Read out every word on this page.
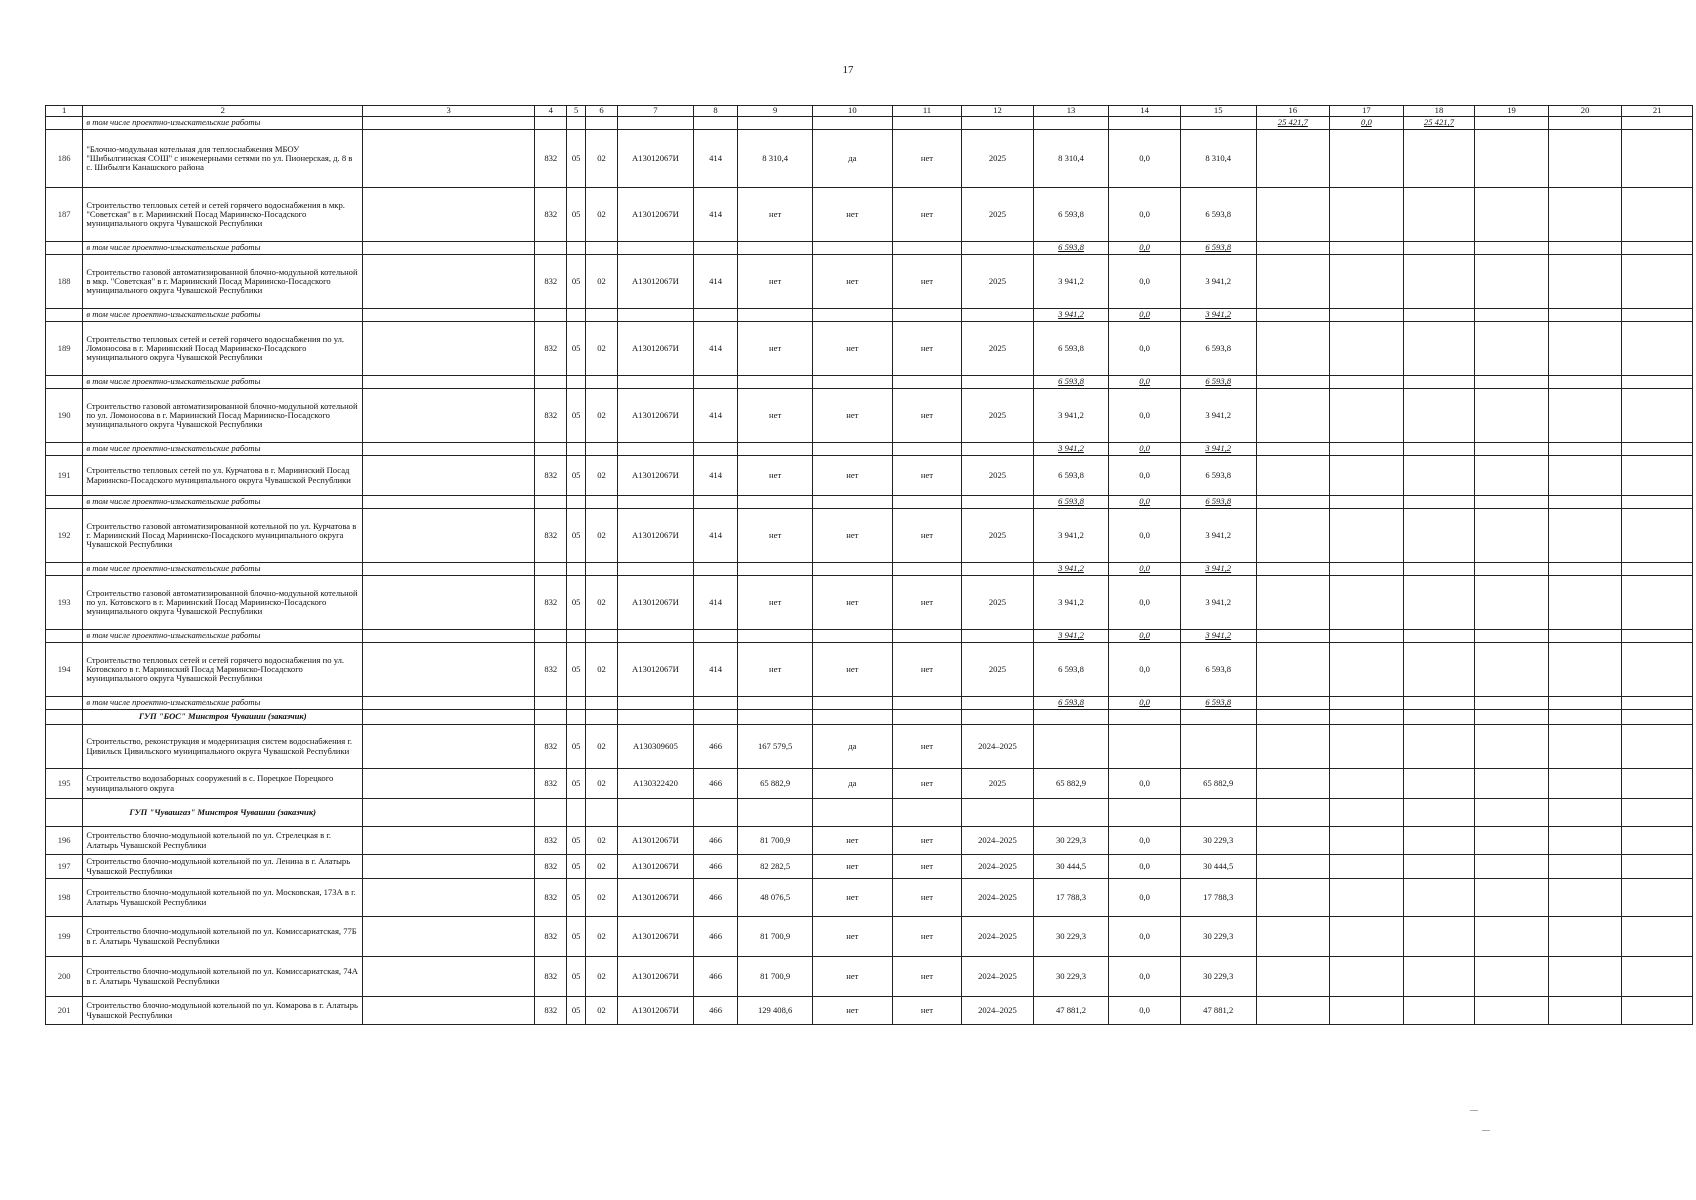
17
1	2	3	4	5	6	7	8	9	10	11	12	13	14	15	16	17	18	19	20	21
	в том числе проектно-изыскательские работы														25 421,7	0,0	25 421,7			
186	"Блочно-модульная котельная для теплоснабжения МБОУ "Шибылгинская СОШ" с инженерными сетями по ул. Пионерская, д. 8 в с. Шибылги Канашского района		832	05	02	А13012067И	414	8 310,4	да	нет	2025	8 310,4	0,0	8 310,4						
187	Строительство тепловых сетей и сетей горячего водоснабжения в мкр. "Советская" в г. Мариинский Посад Мариинско-Посадского муниципального округа Чувашской Республики		832	05	02	А13012067И	414	нет	нет	нет	2025	6 593,8	0,0	6 593,8						
	в том числе проектно-изыскательские работы											6 593,8	0,0	6 593,8						
188	Строительство газовой автоматизированной блочно-модульной котельной в мкр. "Советская" в г. Мариинский Посад Мариинско-Посадского муниципального округа Чувашской Республики		832	05	02	А13012067И	414	нет	нет	нет	2025	3 941,2	0,0	3 941,2						
	в том числе проектно-изыскательские работы											3 941,2	0,0	3 941,2						
189	Строительство тепловых сетей и сетей горячего водоснабжения по ул. Ломоносова в г. Мариинский Посад Мариинско-Посадского муниципального округа Чувашской Республики		832	05	02	А13012067И	414	нет	нет	нет	2025	6 593,8	0,0	6 593,8						
	в том числе проектно-изыскательские работы											6 593,8	0,0	6 593,8						
190	Строительство газовой автоматизированной блочно-модульной котельной по ул. Ломоносова в г. Мариинский Посад Мариинско-Посадского муниципального округа Чувашской Республики		832	05	02	А13012067И	414	нет	нет	нет	2025	3 941,2	0,0	3 941,2						
	в том числе проектно-изыскательские работы											3 941,2	0,0	3 941,2						
191	Строительство тепловых сетей по ул. Курчатова в г. Мариинский Посад Мариинско-Посадского муниципального округа Чувашской Республики		832	05	02	А13012067И	414	нет	нет	нет	2025	6 593,8	0,0	6 593,8						
	в том числе проектно-изыскательские работы											6 593,8	0,0	6 593,8						
192	Строительство газовой автоматизированной котельной по ул. Курчатова в г. Мариинский Посад Мариинско-Посадского муниципального округа Чувашской Республики		832	05	02	А13012067И	414	нет	нет	нет	2025	3 941,2	0,0	3 941,2						
	в том числе проектно-изыскательские работы											3 941,2	0,0	3 941,2						
193	Строительство газовой автоматизированной блочно-модульной котельной по ул. Котовского в г. Мариинский Посад Мариинско-Посадского муниципального округа Чувашской Республики		832	05	02	А13012067И	414	нет	нет	нет	2025	3 941,2	0,0	3 941,2						
	в том числе проектно-изыскательские работы											3 941,2	0,0	3 941,2						
194	Строительство тепловых сетей и сетей горячего водоснабжения по ул. Котовского в г. Мариинский Посад Мариинско-Посадского муниципального округа Чувашской Республики		832	05	02	А13012067И	414	нет	нет	нет	2025	6 593,8	0,0	6 593,8						
	в том числе проектно-изыскательские работы											6 593,8	0,0	6 593,8						
	ГУП "БОС" Минстроя Чувашии (заказчик)																			
	Строительство, реконструкция и модернизация систем водоснабжения г. Цивильск Цивильского муниципального округа Чувашской Республики		832	05	02	А130309605	466	167 579,5	да	нет	2024–2025									
195	Строительство водозаборных сооружений в с. Порецкое Порецкого муниципального округа		832	05	02	А130322420	466	65 882,9	да	нет	2025	65 882,9	0,0	65 882,9						
	ГУП "Чувашгаз" Минстроя Чувашии (заказчик)																			
196	Строительство блочно-модульной котельной по ул. Стрелецкая в г. Алатырь Чувашской Республики		832	05	02	А13012067И	466	81 700,9	нет	нет	2024–2025	30 229,3	0,0	30 229,3						
197	Строительство блочно-модульной котельной по ул. Ленина в г. Алатырь Чувашской Республики		832	05	02	А13012067И	466	82 282,5	нет	нет	2024–2025	30 444,5	0,0	30 444,5						
198	Строительство блочно-модульной котельной по ул. Московская, 173А в г. Алатырь Чувашской Республики		832	05	02	А13012067И	466	48 076,5	нет	нет	2024–2025	17 788,3	0,0	17 788,3						
199	Строительство блочно-модульной котельной по ул. Комиссариатская, 77Б в г. Алатырь Чувашской Республики		832	05	02	А13012067И	466	81 700,9	нет	нет	2024–2025	30 229,3	0,0	30 229,3						
200	Строительство блочно-модульной котельной по ул. Комиссариатская, 74А в г. Алатырь Чувашской Республики		832	05	02	А13012067И	466	81 700,9	нет	нет	2024–2025	30 229,3	0,0	30 229,3						
201	Строительство блочно-модульной котельной по ул. Комарова в г. Алатырь Чувашской Республики		832	05	02	А13012067И	466	129 408,6	нет	нет	2024–2025	47 881,2	0,0	47 881,2						
